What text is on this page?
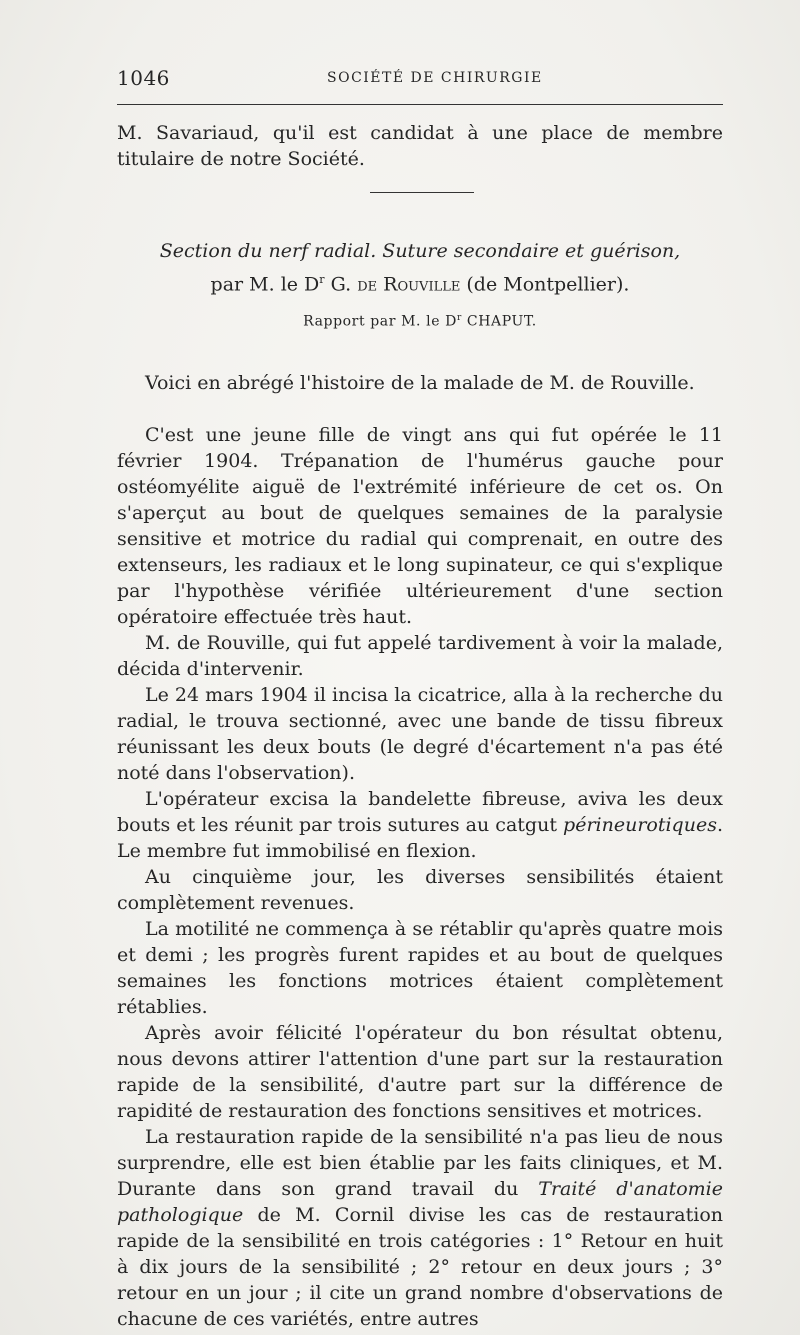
1046	SOCIÉTÉ DE CHIRURGIE
M. Savariaud, qu'il est candidat à une place de membre titulaire de notre Société.
Section du nerf radial. Suture secondaire et guérison,
par M. le $D^r$ G. de Rouville (de Montpellier).
Rapport par M. le $D^r$ CHAPUT.
Voici en abrégé l'histoire de la malade de M. de Rouville.

C'est une jeune fille de vingt ans qui fut opérée le 11 février 1904. Trépanation de l'humérus gauche pour ostéomyélite aiguë de l'extrémité inférieure de cet os. On s'aperçut au bout de quelques semaines de la paralysie sensitive et motrice du radial qui comprenait, en outre des extenseurs, les radiaux et le long supinateur, ce qui s'explique par l'hypothèse vérifiée ultérieurement d'une section opératoire effectuée très haut.

M. de Rouville, qui fut appelé tardivement à voir la malade, décida d'intervenir.

Le 24 mars 1904 il incisa la cicatrice, alla à la recherche du radial, le trouva sectionné, avec une bande de tissu fibreux réunissant les deux bouts (le degré d'écartement n'a pas été noté dans l'observation).

L'opérateur excisa la bandelette fibreuse, aviva les deux bouts et les réunit par trois sutures au catgut périneurotiques. Le membre fut immobilisé en flexion.

Au cinquième jour, les diverses sensibilités étaient complètement revenues.

La motilité ne commença à se rétablir qu'après quatre mois et demi ; les progrès furent rapides et au bout de quelques semaines les fonctions motrices étaient complètement rétablies.

Après avoir félicité l'opérateur du bon résultat obtenu, nous devons attirer l'attention d'une part sur la restauration rapide de la sensibilité, d'autre part sur la différence de rapidité de restauration des fonctions sensitives et motrices.

La restauration rapide de la sensibilité n'a pas lieu de nous surprendre, elle est bien établie par les faits cliniques, et M. Durante dans son grand travail du Traité d'anatomie pathologique de M. Cornil divise les cas de restauration rapide de la sensibilité en trois catégories : 1° Retour en huit à dix jours de la sensibilité ; 2° retour en deux jours ; 3° retour en un jour ; il cite un grand nombre d'observations de chacune de ces variétés, entre autres
